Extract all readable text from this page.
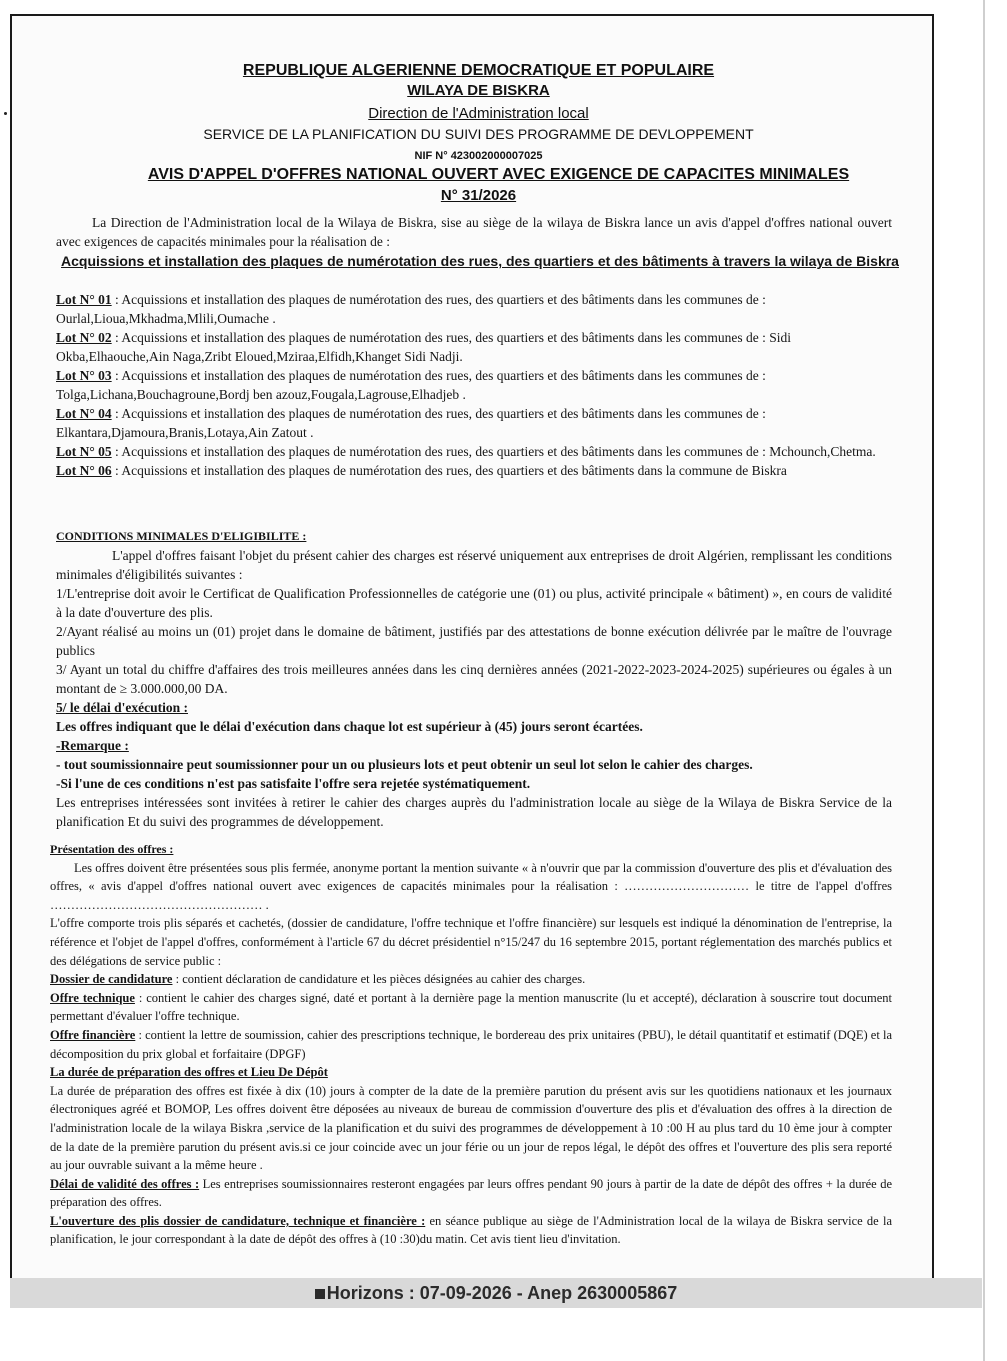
REPUBLIQUE ALGERIENNE DEMOCRATIQUE ET POPULAIRE
WILAYA DE BISKRA
Direction de l'Administration local
SERVICE DE LA PLANIFICATION DU SUIVI DES PROGRAMME DE DEVLOPPEMENT
NIF N° 423002000007025
AVIS D'APPEL D'OFFRES NATIONAL OUVERT AVEC EXIGENCE DE CAPACITES MINIMALES
N° 31/2026
La Direction de l'Administration local de la Wilaya de Biskra, sise au siège de la wilaya de Biskra lance un avis d'appel d'offres national ouvert avec exigences de capacités minimales pour la réalisation de :
Acquissions et installation des plaques de numérotation des rues, des quartiers et des bâtiments à travers la wilaya de Biskra

Lot N° 01 : Acquissions et installation des plaques de numérotation des rues, des quartiers et des bâtiments dans les communes de : Ourlal,Lioua,Mkhadma,Mlili,Oumache .

Lot N° 02 : Acquissions et installation des plaques de numérotation des rues, des quartiers et des bâtiments dans les communes de : Sidi Okba,Elhaouche,Ain Naga,Zribt Eloued,Mziraa,Elfidh,Khanget Sidi Nadji.

Lot N° 03 : Acquissions et installation des plaques de numérotation des rues, des quartiers et des bâtiments dans les communes de : Tolga,Lichana,Bouchagroune,Bordj ben azouz,Fougala,Lagrouse,Elhadjeb .

Lot N° 04 : Acquissions et installation des plaques de numérotation des rues, des quartiers et des bâtiments dans les communes de : Elkantara,Djamoura,Branis,Lotaya,Ain Zatout .

Lot N° 05 : Acquissions et installation des plaques de numérotation des rues, des quartiers et des bâtiments dans les communes de : Mchounch,Chetma.

Lot N° 06 : Acquissions et installation des plaques de numérotation des rues, des quartiers et des bâtiments dans la commune de Biskra

CONDITIONS MINIMALES D'ELIGIBILITE :

L'appel d'offres faisant l'objet du présent cahier des charges est réservé uniquement aux entreprises de droit Algérien, remplissant les conditions minimales d'éligibilités suivantes :

1/L'entreprise doit avoir le Certificat de Qualification Professionnelles de catégorie une (01) ou plus, activité principale « bâtiment) », en cours de validité à la date d'ouverture des plis.

2/Ayant réalisé au moins un (01) projet dans le domaine de bâtiment, justifiés par des attestations de bonne exécution délivrée par le maître de l'ouvrage publics

3/ Ayant un total du chiffre d'affaires des trois meilleures années dans les cinq dernières années (2021-2022-2023-2024-2025) supérieures ou égales à un montant de ≥ 3.000.000,00 DA.

5/ le délai d'exécution :

Les offres indiquant que le délai d'exécution dans chaque lot est supérieur à (45) jours seront écartées.

-Remarque :

- tout soumissionnaire peut soumissionner pour un ou plusieurs lots et peut obtenir un seul lot selon le cahier des charges.

-Si l'une de ces conditions n'est pas satisfaite l'offre sera rejetée systématiquement.

Les entreprises intéressées sont invitées à retirer le cahier des charges auprès du l'administration locale au siège de la Wilaya de Biskra Service de la planification Et du suivi des programmes de développement.

Présentation des offres :

Les offres doivent être présentées sous plis fermée, anonyme portant la mention suivante « à n'ouvrir que par la commission d'ouverture des plis et d'évaluation des offres, « avis d'appel d'offres national ouvert avec exigences de capacités minimales pour la réalisation : ………………………… le titre de l'appel d'offres …………………………………………… .

L'offre comporte trois plis séparés et cachetés, (dossier de candidature, l'offre technique et l'offre financière) sur lesquels est indiqué la dénomination de l'entreprise, la référence et l'objet de l'appel d'offres, conformément à l'article 67 du décret présidentiel n°15/247 du 16 septembre 2015, portant réglementation des marchés publics et des délégations de service public :

Dossier de candidature : contient déclaration de candidature et les pièces désignées au cahier des charges.

Offre technique : contient le cahier des charges signé, daté et portant à la dernière page la mention manuscrite (lu et accepté), déclaration à souscrire tout document permettant d'évaluer l'offre technique.

Offre financière : contient la lettre de soumission, cahier des prescriptions technique, le bordereau des prix unitaires (PBU), le détail quantitatif et estimatif (DQE) et la décomposition du prix global et forfaitaire (DPGF)

La durée de préparation des offres et Lieu De Dépôt

La durée de préparation des offres est fixée à dix (10) jours à compter de la date de la première parution du présent avis sur les quotidiens nationaux et les journaux électroniques agréé et BOMOP, Les offres doivent être déposées au niveaux de bureau de commission d'ouverture des plis et d'évaluation des offres à la direction de l'administration locale de la wilaya Biskra ,service de la planification et du suivi des programmes de développement à 10 :00 H au plus tard du 10 ème jour à compter de la date de la première parution du présent avis.si ce jour coincide avec un jour férie ou un jour de repos légal, le dépôt des offres et l'ouverture des plis sera reporté au jour ouvrable suivant a la même heure .

Délai de validité des offres : Les entreprises soumissionnaires resteront engagées par leurs offres pendant 90 jours à partir de la date de dépôt des offres + la durée de préparation des offres.

L'ouverture des plis dossier de candidature, technique et financière : en séance publique au siège de l'Administration local de la wilaya de Biskra service de la planification, le jour correspondant à la date de dépôt des offres à (10 :30)du matin. Cet avis tient lieu d'invitation.

Horizons : 07-09-2026 - Anep 2630005867
